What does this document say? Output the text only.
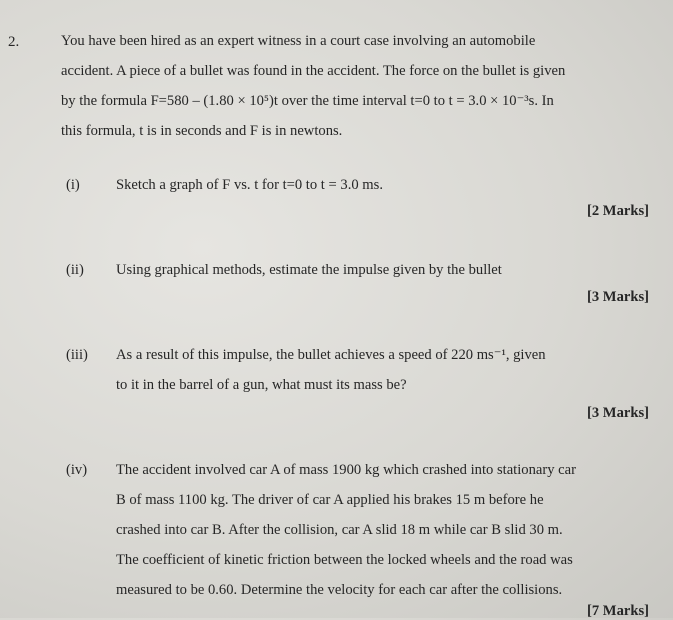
2.	You have been hired as an expert witness in a court case involving an automobile
accident. A piece of a bullet was found in the accident. The force on the bullet is given
by the formula F=580 – (1.80 × 10⁵)t over the time interval t=0 to t = 3.0 × 10⁻³s. In
this formula, t is in seconds and F is in newtons.
(i)	Sketch a graph of F vs. t for t=0 to t = 3.0 ms.
[2 Marks]
(ii)	Using graphical methods, estimate the impulse given by the bullet
[3 Marks]
(iii)	As a result of this impulse, the bullet achieves a speed of 220 ms⁻¹, given
to it in the barrel of a gun, what must its mass be?
[3 Marks]
(iv)	The accident involved car A of mass 1900 kg which crashed into stationary car
B of mass 1100 kg. The driver of car A applied his brakes 15 m before he
crashed into car B. After the collision, car A slid 18 m while car B slid 30 m.
The coefficient of kinetic friction between the locked wheels and the road was
measured to be 0.60. Determine the velocity for each car after the collisions.
[7 Marks]
